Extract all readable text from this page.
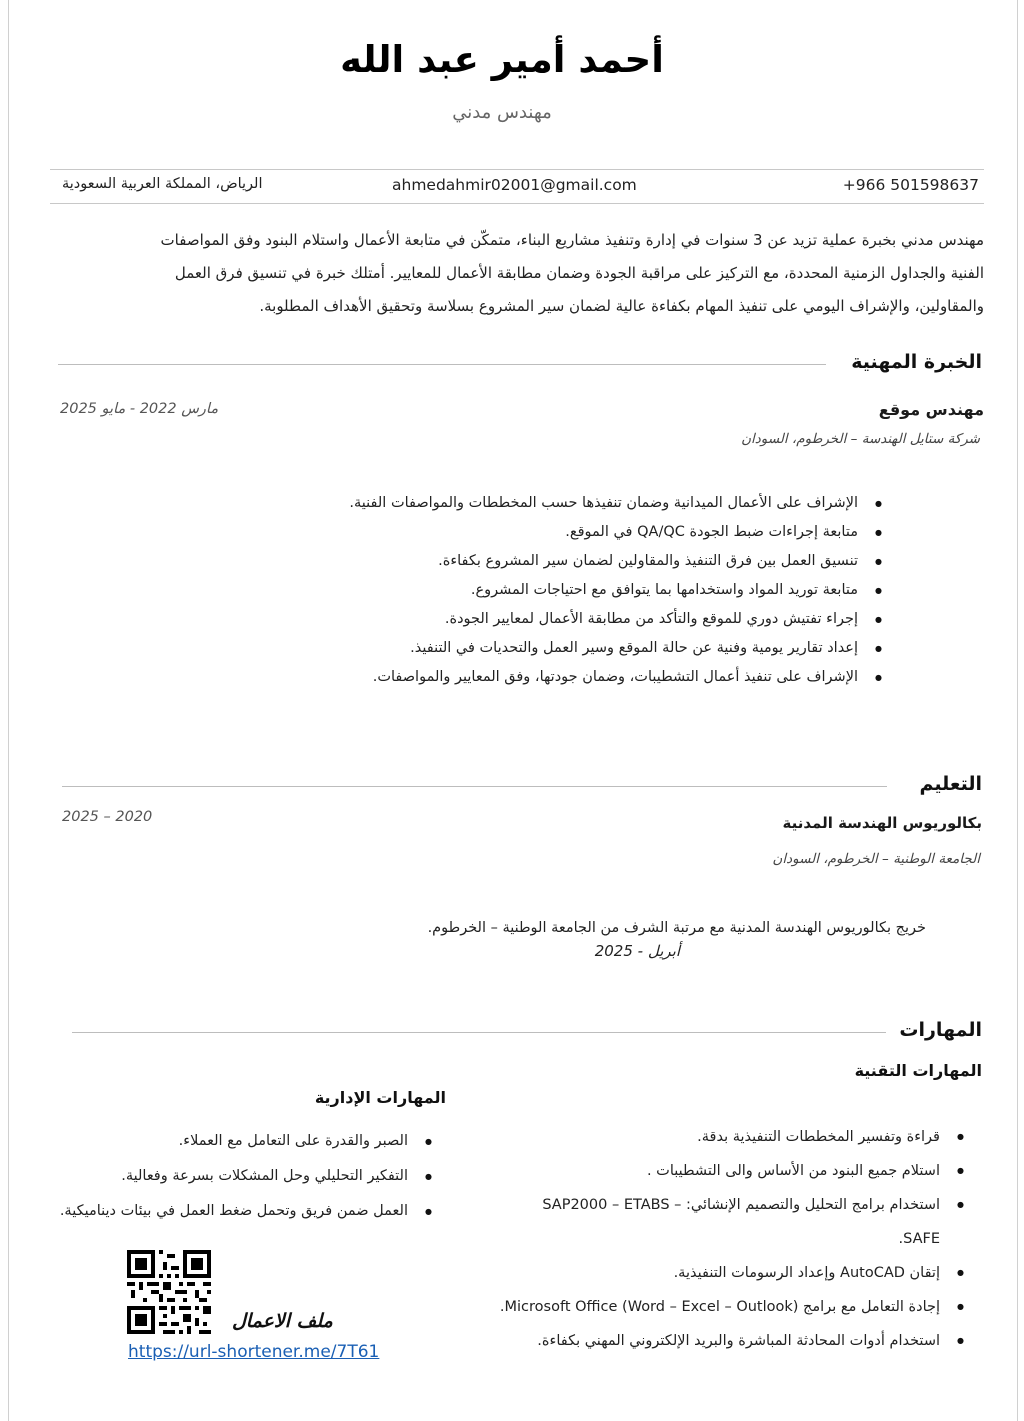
أحمد أمير عبد الله
مهندس مدني
+966 501598637
ahmedahmir02001@gmail.com
الرياض، المملكة العربية السعودية
مهندس مدني بخبرة عملية تزيد عن 3 سنوات في إدارة وتنفيذ مشاريع البناء، متمكّن في متابعة الأعمال واستلام البنود وفق المواصفات
الفنية والجداول الزمنية المحددة، مع التركيز على مراقبة الجودة وضمان مطابقة الأعمال للمعايير. أمتلك خبرة في تنسيق فرق العمل
والمقاولين، والإشراف اليومي على تنفيذ المهام بكفاءة عالية لضمان سير المشروع بسلاسة وتحقيق الأهداف المطلوبة.
الخبرة المهنية
مهندس موقع
شركة ستايل الهندسة – الخرطوم، السودان
مارس 2022 - مايو 2025
● الإشراف على الأعمال الميدانية وضمان تنفيذها حسب المخططات والمواصفات الفنية.
● متابعة إجراءات ضبط الجودة QA/QC في الموقع.
● تنسيق العمل بين فرق التنفيذ والمقاولين لضمان سير المشروع بكفاءة.
● متابعة توريد المواد واستخدامها بما يتوافق مع احتياجات المشروع.
● إجراء تفتيش دوري للموقع والتأكد من مطابقة الأعمال لمعايير الجودة.
● إعداد تقارير يومية وفنية عن حالة الموقع وسير العمل والتحديات في التنفيذ.
● الإشراف على تنفيذ أعمال التشطيبات، وضمان جودتها، وفق المعايير والمواصفات.
التعليم
بكالوريوس الهندسة المدنية
2020 – 2025
الجامعة الوطنية – الخرطوم، السودان
خريج بكالوريوس الهندسة المدنية مع مرتبة الشرف من الجامعة الوطنية – الخرطوم.
أبريل - 2025
المهارات
المهارات التقنية
● قراءة وتفسير المخططات التنفيذية بدقة.
● استلام جميع البنود من الأساس والى التشطيبات .
● استخدام برامج التحليل والتصميم الإنشائي: SAP2000 – ETABS – SAFE.
● إتقان AutoCAD وإعداد الرسومات التنفيذية.
● إجادة التعامل مع برامج Microsoft Office (Word – Excel – Outlook).
● استخدام أدوات المحادثة المباشرة والبريد الإلكتروني المهني بكفاءة.
المهارات الإدارية
● الصبر والقدرة على التعامل مع العملاء.
● التفكير التحليلي وحل المشكلات بسرعة وفعالية.
● العمل ضمن فريق وتحمل ضغط العمل في بيئات ديناميكية.
ملف الاعمال
https://url-shortener.me/7T61
